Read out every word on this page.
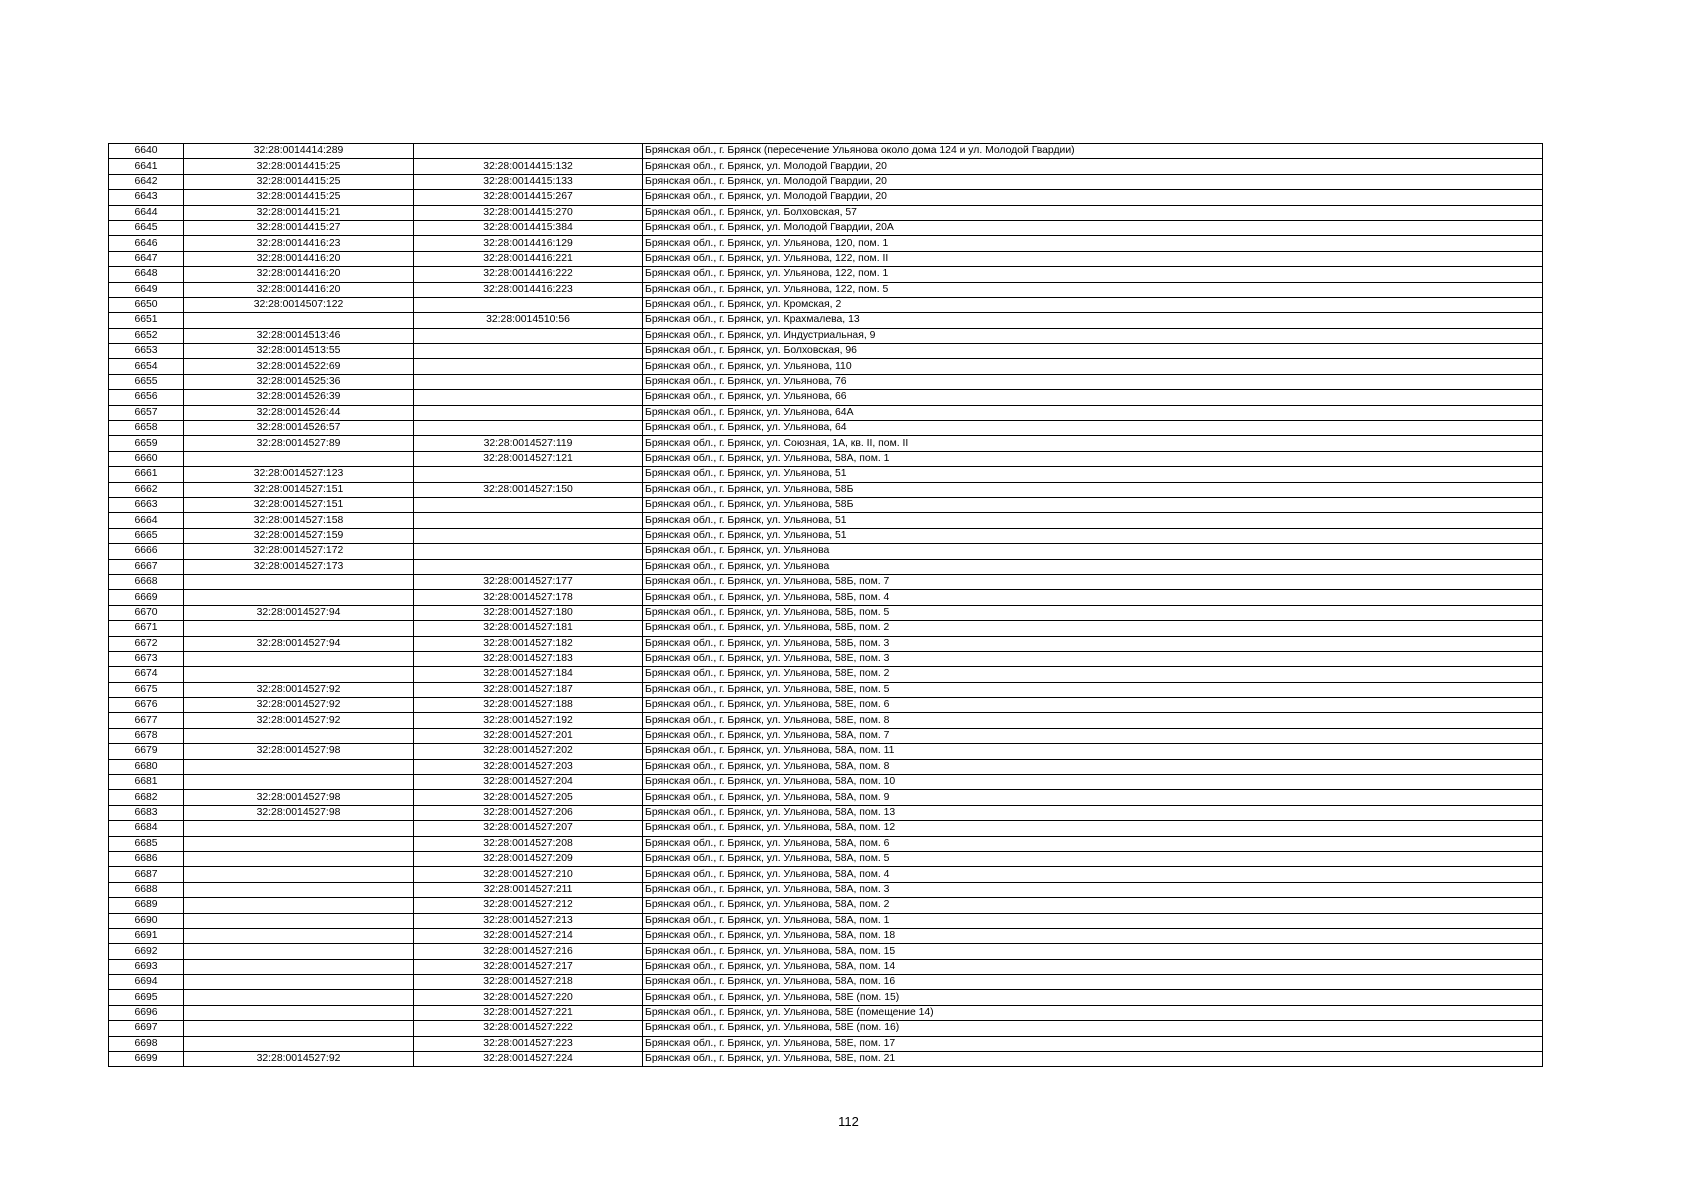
6640	32:28:0014414:289		Брянская обл., г. Брянск (пересечение Ульянова около дома 124 и ул. Молодой Гвардии)
6641	32:28:0014415:25	32:28:0014415:132	Брянская обл., г. Брянск, ул. Молодой Гвардии, 20
6642	32:28:0014415:25	32:28:0014415:133	Брянская обл., г. Брянск, ул. Молодой Гвардии, 20
6643	32:28:0014415:25	32:28:0014415:267	Брянская обл., г. Брянск, ул. Молодой Гвардии, 20
6644	32:28:0014415:21	32:28:0014415:270	Брянская обл., г. Брянск, ул. Болховская, 57
6645	32:28:0014415:27	32:28:0014415:384	Брянская обл., г. Брянск, ул. Молодой Гвардии, 20А
6646	32:28:0014416:23	32:28:0014416:129	Брянская обл., г. Брянск, ул. Ульянова, 120, пом. 1
6647	32:28:0014416:20	32:28:0014416:221	Брянская обл., г. Брянск, ул. Ульянова, 122, пом. II
6648	32:28:0014416:20	32:28:0014416:222	Брянская обл., г. Брянск, ул. Ульянова, 122, пом. 1
6649	32:28:0014416:20	32:28:0014416:223	Брянская обл., г. Брянск, ул. Ульянова, 122, пом. 5
6650	32:28:0014507:122		Брянская обл., г. Брянск, ул. Кромская, 2
6651		32:28:0014510:56	Брянская обл., г. Брянск, ул. Крахмалева, 13
6652	32:28:0014513:46		Брянская обл., г. Брянск, ул. Индустриальная, 9
6653	32:28:0014513:55		Брянская обл., г. Брянск, ул. Болховская, 96
6654	32:28:0014522:69		Брянская обл., г. Брянск, ул. Ульянова, 110
6655	32:28:0014525:36		Брянская обл., г. Брянск, ул. Ульянова, 76
6656	32:28:0014526:39		Брянская обл., г. Брянск, ул. Ульянова, 66
6657	32:28:0014526:44		Брянская обл., г. Брянск, ул. Ульянова, 64А
6658	32:28:0014526:57		Брянская обл., г. Брянск, ул. Ульянова, 64
6659	32:28:0014527:89	32:28:0014527:119	Брянская обл., г. Брянск, ул. Союзная, 1А, кв. II, пом. II
6660		32:28:0014527:121	Брянская обл., г. Брянск, ул. Ульянова, 58А, пом. 1
6661	32:28:0014527:123		Брянская обл., г. Брянск, ул. Ульянова, 51
6662	32:28:0014527:151	32:28:0014527:150	Брянская обл., г. Брянск, ул. Ульянова, 58Б
6663	32:28:0014527:151		Брянская обл., г. Брянск, ул. Ульянова, 58Б
6664	32:28:0014527:158		Брянская обл., г. Брянск, ул. Ульянова, 51
6665	32:28:0014527:159		Брянская обл., г. Брянск, ул. Ульянова, 51
6666	32:28:0014527:172		Брянская обл., г. Брянск, ул. Ульянова
6667	32:28:0014527:173		Брянская обл., г. Брянск, ул. Ульянова
6668		32:28:0014527:177	Брянская обл., г. Брянск, ул. Ульянова, 58Б, пом. 7
6669		32:28:0014527:178	Брянская обл., г. Брянск, ул. Ульянова, 58Б, пом. 4
6670	32:28:0014527:94	32:28:0014527:180	Брянская обл., г. Брянск, ул. Ульянова, 58Б, пом. 5
6671		32:28:0014527:181	Брянская обл., г. Брянск, ул. Ульянова, 58Б, пом. 2
6672	32:28:0014527:94	32:28:0014527:182	Брянская обл., г. Брянск, ул. Ульянова, 58Б, пом. 3
6673		32:28:0014527:183	Брянская обл., г. Брянск, ул. Ульянова, 58Е, пом. 3
6674		32:28:0014527:184	Брянская обл., г. Брянск, ул. Ульянова, 58Е, пом. 2
6675	32:28:0014527:92	32:28:0014527:187	Брянская обл., г. Брянск, ул. Ульянова, 58Е, пом. 5
6676	32:28:0014527:92	32:28:0014527:188	Брянская обл., г. Брянск, ул. Ульянова, 58Е, пом. 6
6677	32:28:0014527:92	32:28:0014527:192	Брянская обл., г. Брянск, ул. Ульянова, 58Е, пом. 8
6678		32:28:0014527:201	Брянская обл., г. Брянск, ул. Ульянова, 58А, пом. 7
6679	32:28:0014527:98	32:28:0014527:202	Брянская обл., г. Брянск, ул. Ульянова, 58А, пом. 11
6680		32:28:0014527:203	Брянская обл., г. Брянск, ул. Ульянова, 58А, пом. 8
6681		32:28:0014527:204	Брянская обл., г. Брянск, ул. Ульянова, 58А, пом. 10
6682	32:28:0014527:98	32:28:0014527:205	Брянская обл., г. Брянск, ул. Ульянова, 58А, пом. 9
6683	32:28:0014527:98	32:28:0014527:206	Брянская обл., г. Брянск, ул. Ульянова, 58А, пом. 13
6684		32:28:0014527:207	Брянская обл., г. Брянск, ул. Ульянова, 58А, пом. 12
6685		32:28:0014527:208	Брянская обл., г. Брянск, ул. Ульянова, 58А, пом. 6
6686		32:28:0014527:209	Брянская обл., г. Брянск, ул. Ульянова, 58А, пом. 5
6687		32:28:0014527:210	Брянская обл., г. Брянск, ул. Ульянова, 58А, пом. 4
6688		32:28:0014527:211	Брянская обл., г. Брянск, ул. Ульянова, 58А, пом. 3
6689		32:28:0014527:212	Брянская обл., г. Брянск, ул. Ульянова, 58А, пом. 2
6690		32:28:0014527:213	Брянская обл., г. Брянск, ул. Ульянова, 58А, пом. 1
6691		32:28:0014527:214	Брянская обл., г. Брянск, ул. Ульянова, 58А, пом. 18
6692		32:28:0014527:216	Брянская обл., г. Брянск, ул. Ульянова, 58А, пом. 15
6693		32:28:0014527:217	Брянская обл., г. Брянск, ул. Ульянова, 58А, пом. 14
6694		32:28:0014527:218	Брянская обл., г. Брянск, ул. Ульянова, 58А, пом. 16
6695		32:28:0014527:220	Брянская обл., г. Брянск, ул. Ульянова, 58Е (пом. 15)
6696		32:28:0014527:221	Брянская обл., г. Брянск, ул. Ульянова, 58Е (помещение 14)
6697		32:28:0014527:222	Брянская обл., г. Брянск, ул. Ульянова, 58Е (пом. 16)
6698		32:28:0014527:223	Брянская обл., г. Брянск, ул. Ульянова, 58Е, пом. 17
6699	32:28:0014527:92	32:28:0014527:224	Брянская обл., г. Брянск, ул. Ульянова, 58Е, пом. 21
112
